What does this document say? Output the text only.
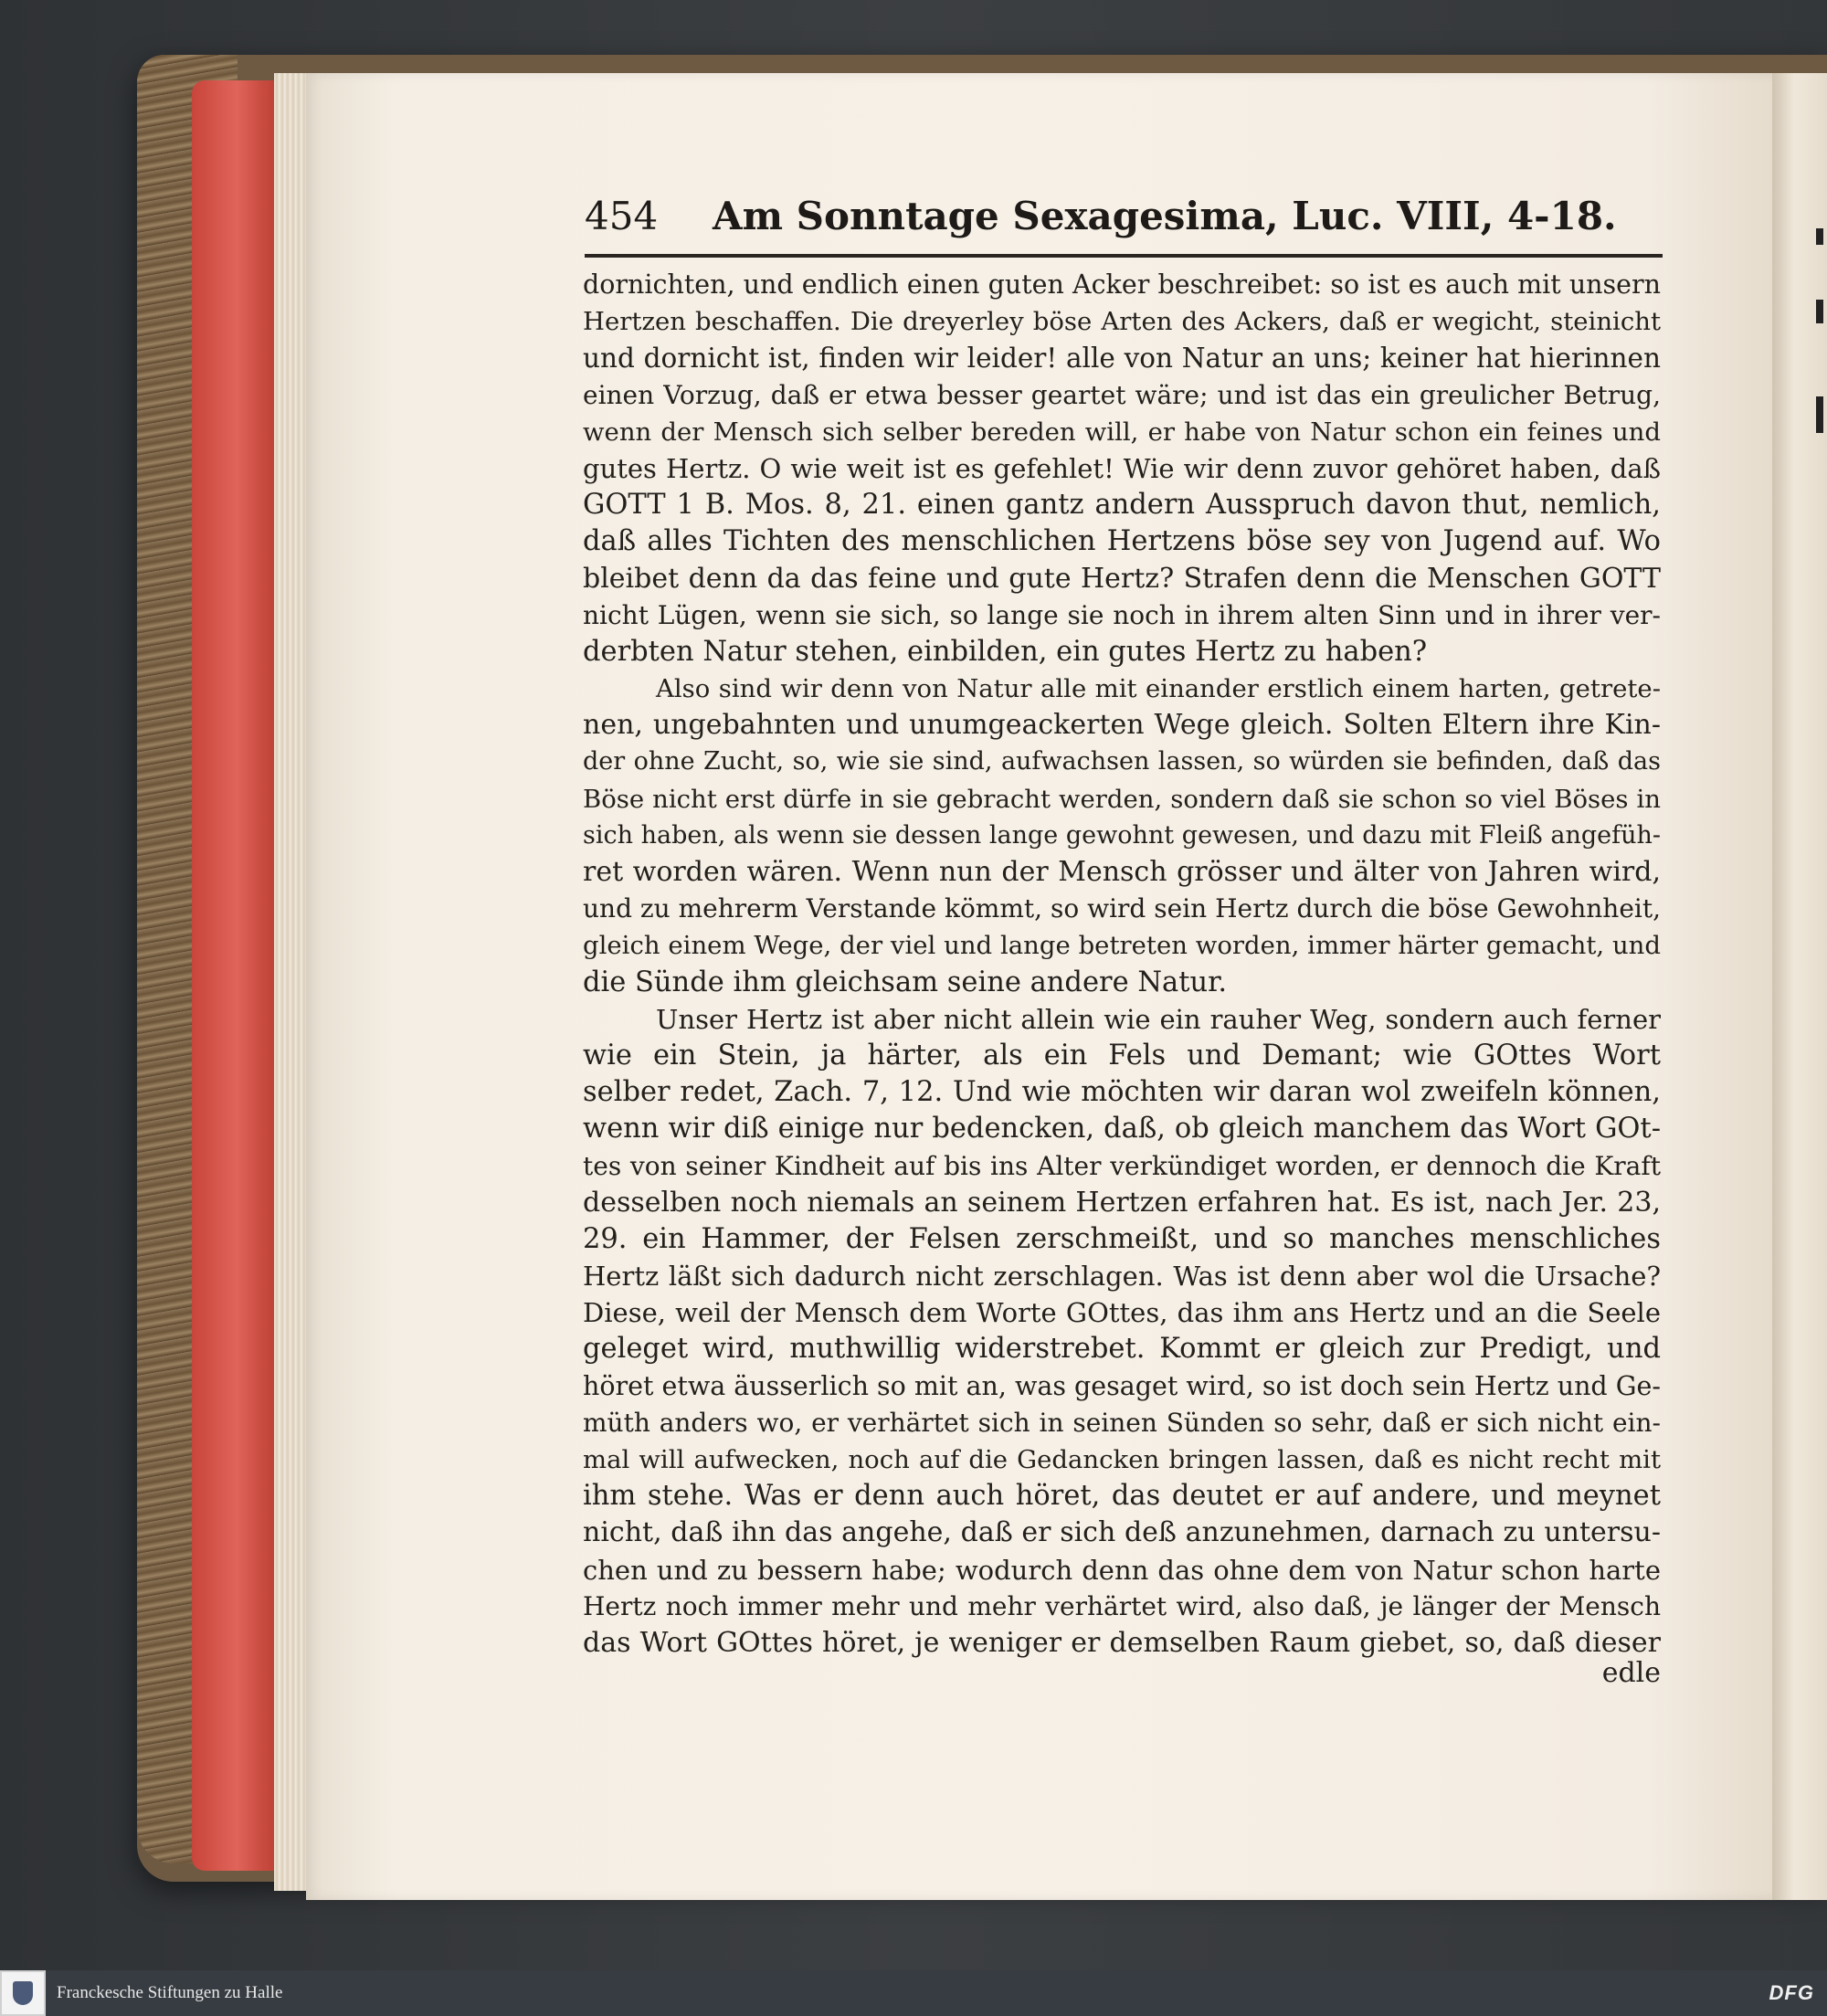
454	Am Sonntage Sexagesima, Luc. VIII, 4-18.
dornichten, und endlich einen guten Acker beschreibet: so ist es auch mit unsern
Hertzen beschaffen. Die dreyerley böse Arten des Ackers, daß er wegicht, steinicht
und dornicht ist, finden wir leider! alle von Natur an uns; keiner hat hierinnen
einen Vorzug, daß er etwa besser geartet wäre; und ist das ein greulicher Betrug,
wenn der Mensch sich selber bereden will, er habe von Natur schon ein feines und
gutes Hertz. O wie weit ist es gefehlet! Wie wir denn zuvor gehöret haben, daß
GOTT 1 B. Mos. 8, 21. einen gantz andern Ausspruch davon thut, nemlich,
daß alles Tichten des menschlichen Hertzens böse sey von Jugend auf. Wo
bleibet denn da das feine und gute Hertz? Strafen denn die Menschen GOTT
nicht Lügen, wenn sie sich, so lange sie noch in ihrem alten Sinn und in ihrer ver-
derbten Natur stehen, einbilden, ein gutes Hertz zu haben?
Also sind wir denn von Natur alle mit einander erstlich einem harten, getrete-
nen, ungebahnten und unumgeackerten Wege gleich. Solten Eltern ihre Kin-
der ohne Zucht, so, wie sie sind, aufwachsen lassen, so würden sie befinden, daß das
Böse nicht erst dürfe in sie gebracht werden, sondern daß sie schon so viel Böses in
sich haben, als wenn sie dessen lange gewohnt gewesen, und dazu mit Fleiß angefüh-
ret worden wären. Wenn nun der Mensch grösser und älter von Jahren wird,
und zu mehrerm Verstande kömmt, so wird sein Hertz durch die böse Gewohnheit,
gleich einem Wege, der viel und lange betreten worden, immer härter gemacht, und
die Sünde ihm gleichsam seine andere Natur.
Unser Hertz ist aber nicht allein wie ein rauher Weg, sondern auch ferner
wie ein Stein, ja härter, als ein Fels und Demant; wie GOttes Wort
selber redet, Zach. 7, 12. Und wie möchten wir daran wol zweifeln können,
wenn wir diß einige nur bedencken, daß, ob gleich manchem das Wort GOt-
tes von seiner Kindheit auf bis ins Alter verkündiget worden, er dennoch die Kraft
desselben noch niemals an seinem Hertzen erfahren hat. Es ist, nach Jer. 23,
29. ein Hammer, der Felsen zerschmeißt, und so manches menschliches
Hertz läßt sich dadurch nicht zerschlagen. Was ist denn aber wol die Ursache?
Diese, weil der Mensch dem Worte GOttes, das ihm ans Hertz und an die Seele
geleget wird, muthwillig widerstrebet. Kommt er gleich zur Predigt, und
höret etwa äusserlich so mit an, was gesaget wird, so ist doch sein Hertz und Ge-
müth anders wo, er verhärtet sich in seinen Sünden so sehr, daß er sich nicht ein-
mal will aufwecken, noch auf die Gedancken bringen lassen, daß es nicht recht mit
ihm stehe. Was er denn auch höret, das deutet er auf andere, und meynet
nicht, daß ihn das angehe, daß er sich deß anzunehmen, darnach zu untersu-
chen und zu bessern habe; wodurch denn das ohne dem von Natur schon harte
Hertz noch immer mehr und mehr verhärtet wird, also daß, je länger der Mensch
das Wort GOttes höret, je weniger er demselben Raum giebet, so, daß dieser
edle
Franckesche Stiftungen zu Halle	DFG
